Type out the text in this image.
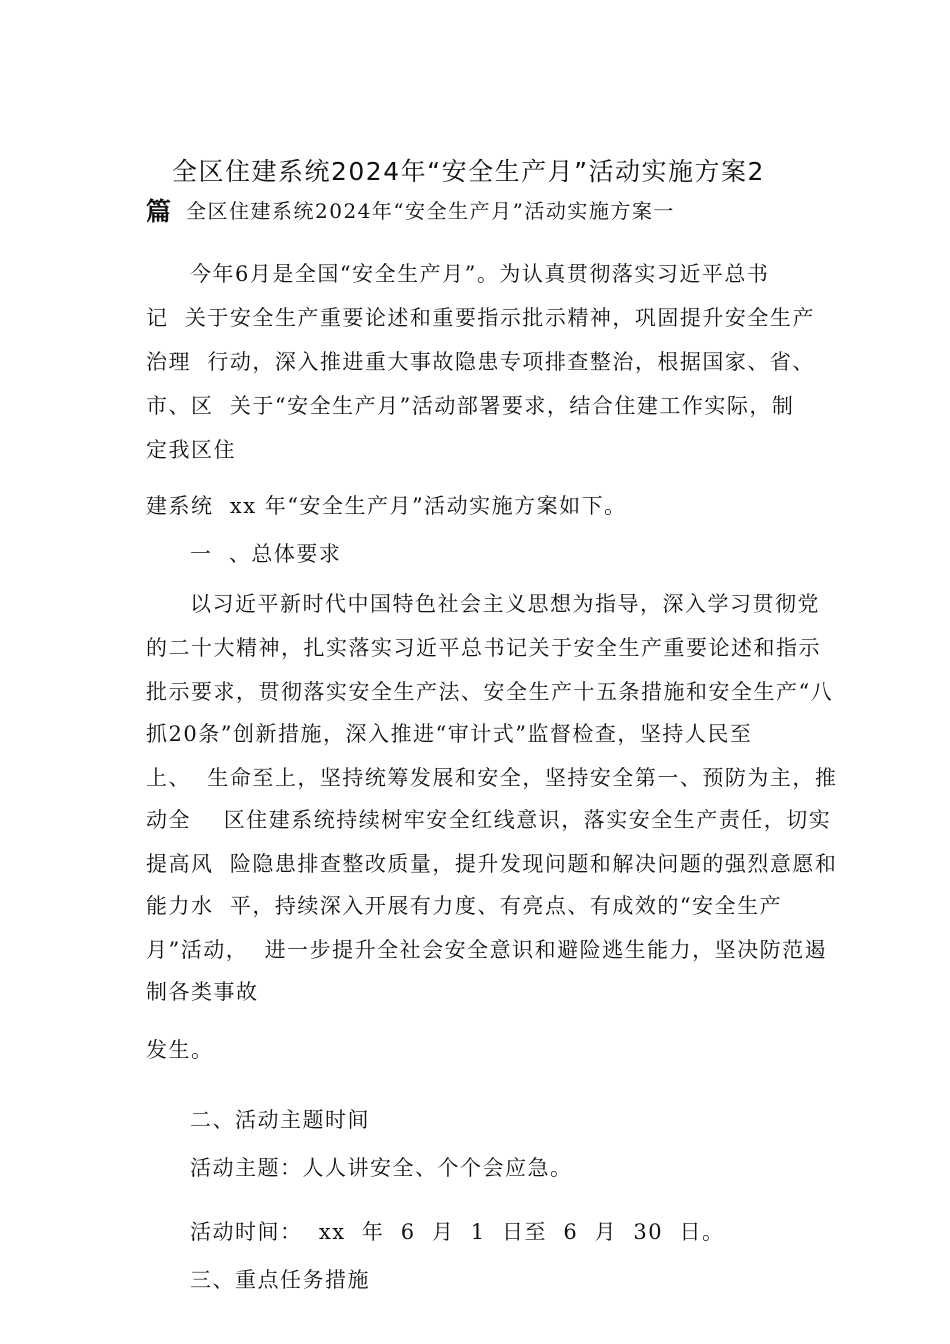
全区住建系统2024年“安全生产月”活动实施方案2
篇 全区住建系统2024年“安全生产月”活动实施方案一
今年6月是全国“安全生产月”。为认真贯彻落实习近平总书
记  关于安全生产重要论述和重要指示批示精神，巩固提升安全生产
治理  行动，深入推进重大事故隐患专项排查整治，根据国家、省、
市、区  关于“安全生产月”活动部署要求，结合住建工作实际，制
定我区住
建系统  xx 年“安全生产月”活动实施方案如下。
一  、总体要求
以习近平新时代中国特色社会主义思想为指导，深入学习贯彻党
的二十大精神，扎实落实习近平总书记关于安全生产重要论述和指示
批示要求，贯彻落实安全生产法、安全生产十五条措施和安全生产“八
抓20条”创新措施，深入推进“审计式”监督检查，坚持人民至
上、  生命至上，坚持统筹发展和安全，坚持安全第一、预防为主，推
动全    区住建系统持续树牢安全红线意识，落实安全生产责任，切实
提高风  险隐患排查整改质量，提升发现问题和解决问题的强烈意愿和
能力水  平，持续深入开展有力度、有亮点、有成效的“安全生产
月”活动，  进一步提升全社会安全意识和避险逃生能力，坚决防范遏
制各类事故
发生。
二、活动主题时间
活动主题：人人讲安全、个个会应急。
活动时间：  xx  年  6  月  1  日至  6  月  30  日。
三、重点任务措施
